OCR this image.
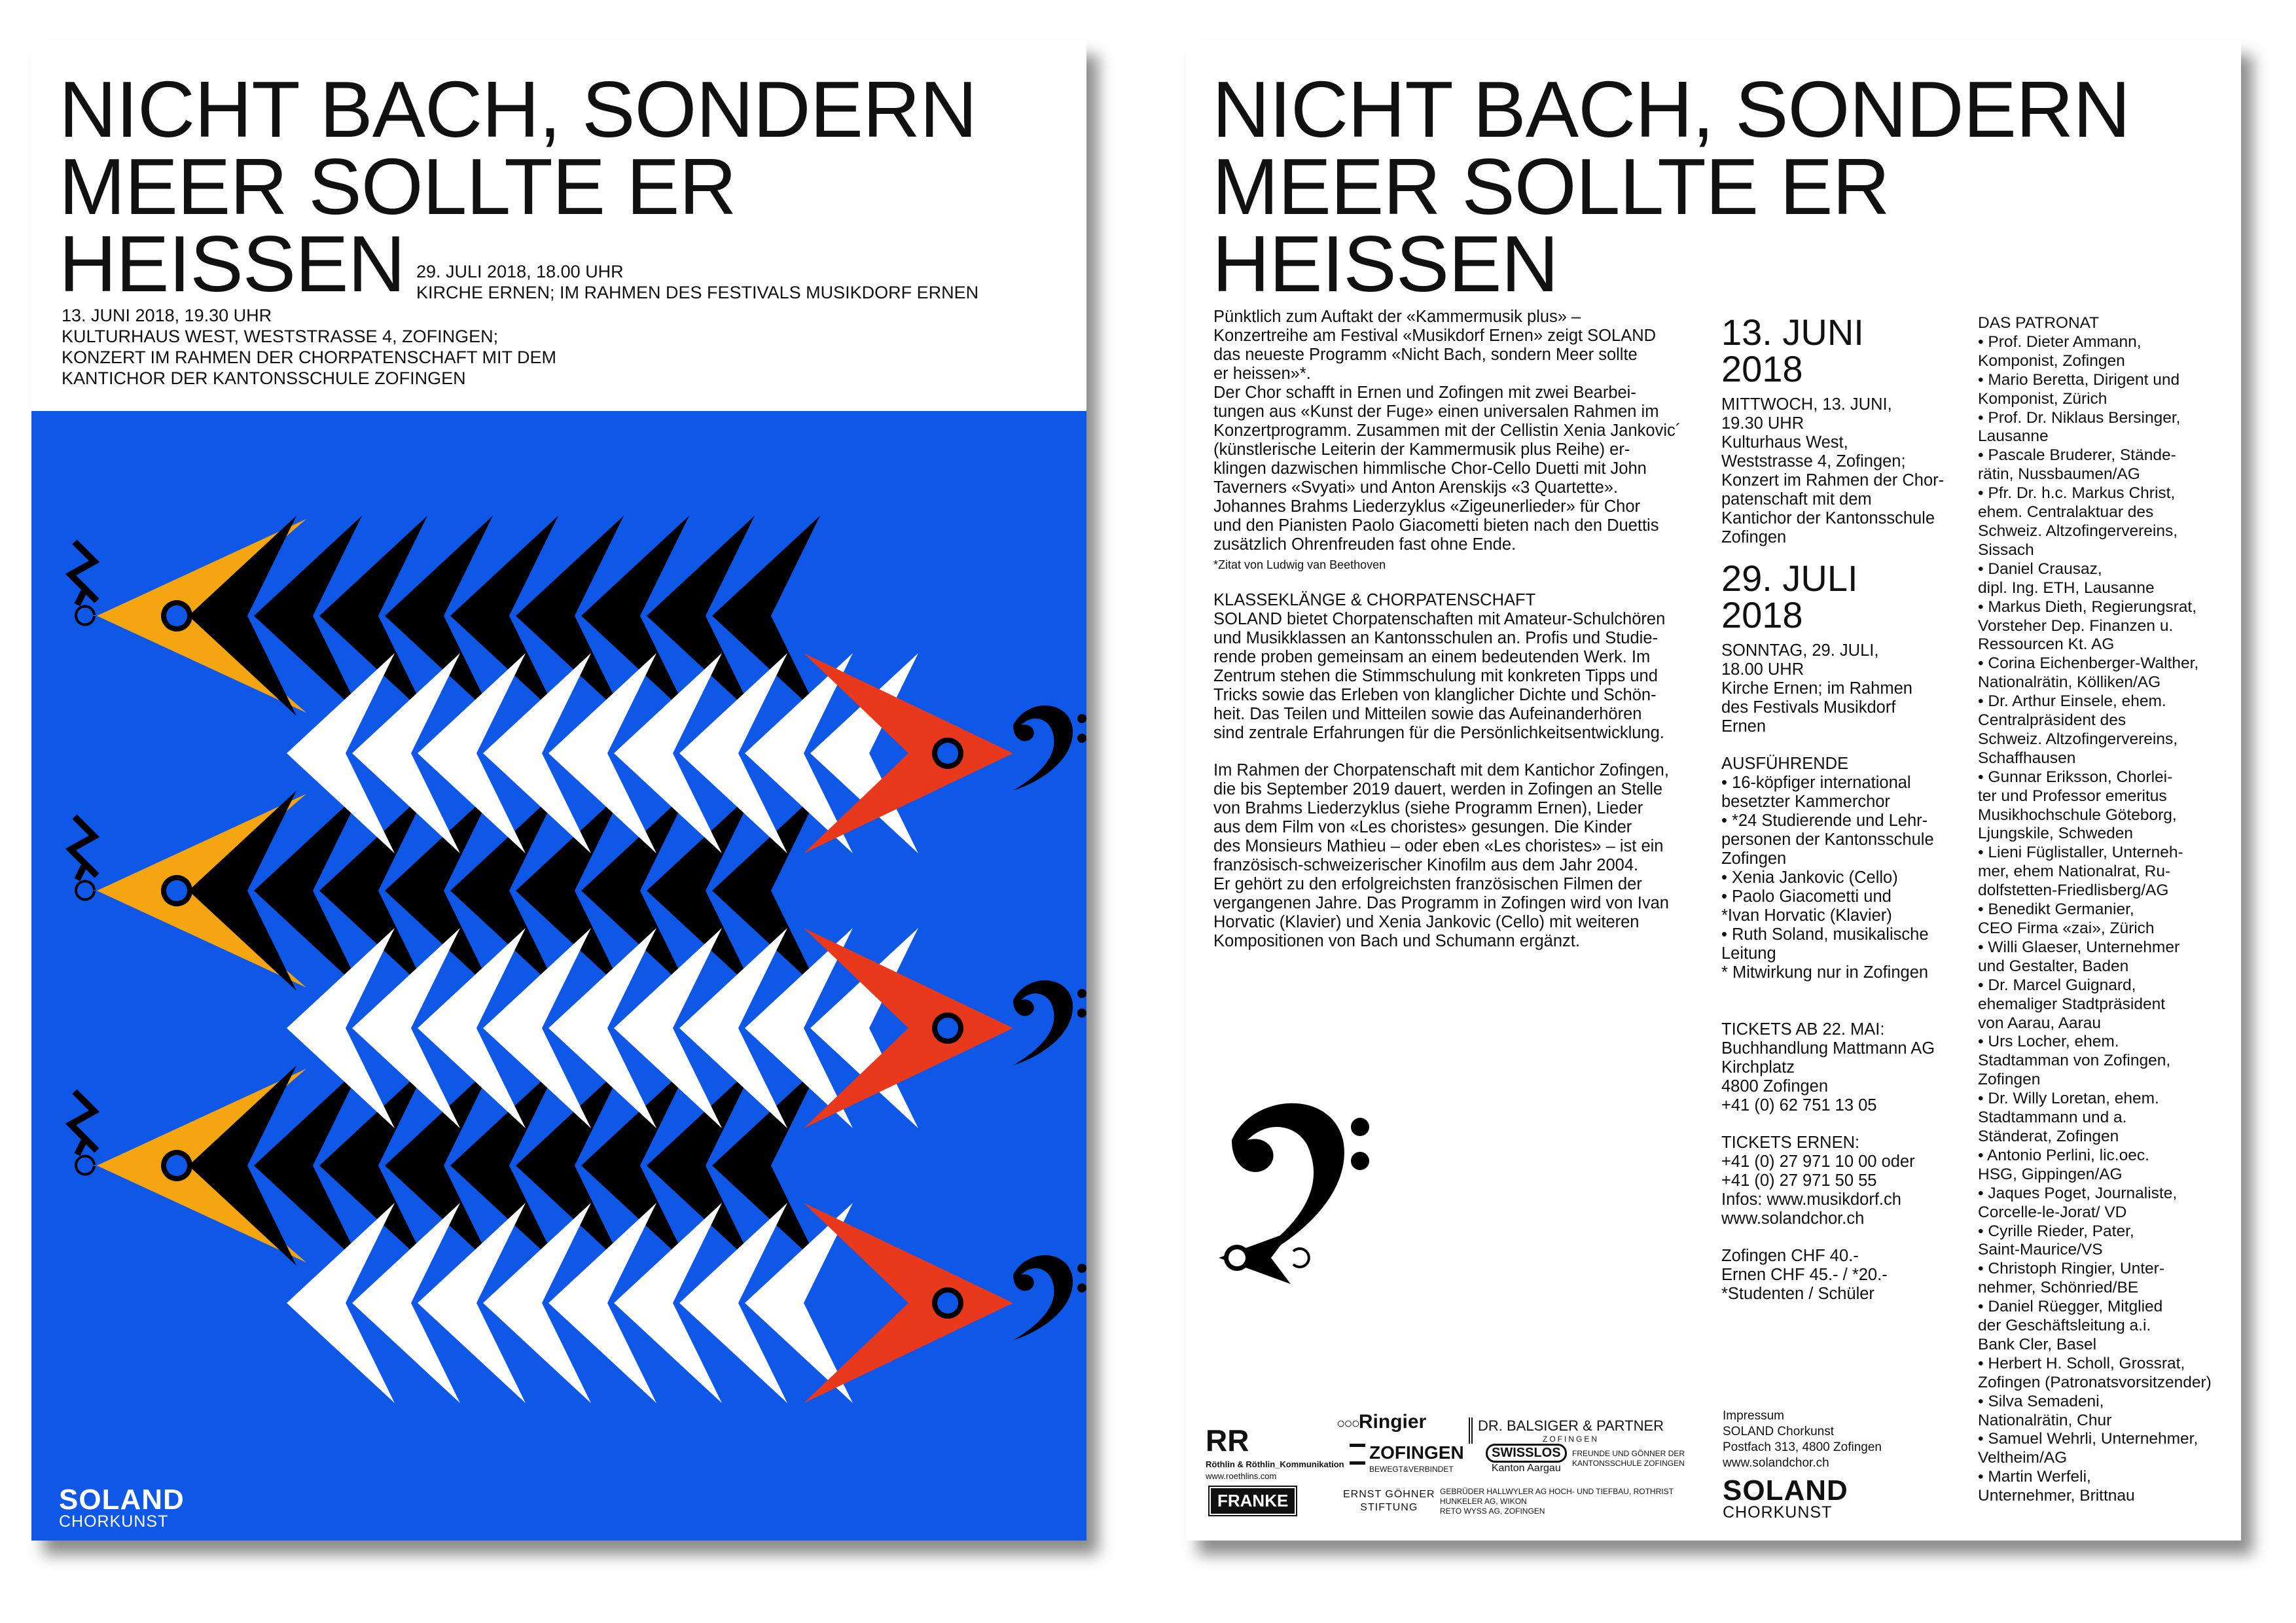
NICHT BACH, SONDERN
MEER SOLLTE ER
HEISSEN 29. JULI 2018, 18.00 UHR
KIRCHE ERNEN; IM RAHMEN DES FESTIVALS MUSIKDORF ERNEN
13. JUNI 2018, 19.30 UHR
KULTURHAUS WEST, WESTSTRASSE 4, ZOFINGEN;
KONZERT IM RAHMEN DER CHORPATENSCHAFT MIT DEM
KANTICHOR DER KANTONSSCHULE ZOFINGEN
SOLAND
CHORKUNST
NICHT BACH, SONDERN
MEER SOLLTE ER
HEISSEN

Pünktlich zum Auftakt der «Kammermusik plus» –

Konzertreihe am Festival «Musikdorf Ernen» zeigt SOLAND

das neueste Programm «Nicht Bach, sondern Meer sollte

er heissen»*.

Der Chor schafft in Ernen und Zofingen mit zwei Bearbei-

tungen aus «Kunst der Fuge» einen universalen Rahmen im

Konzertprogramm. Zusammen mit der Cellistin Xenia Jankovic´

(künstlerische Leiterin der Kammermusik plus Reihe) er-

klingen dazwischen himmlische Chor-Cello Duetti mit John

Taverners «Svyati» und Anton Arenskijs «3 Quartette».

Johannes Brahms Liederzyklus «Zigeunerlieder» für Chor

und den Pianisten Paolo Giacometti bieten nach den Duettis

zusätzlich Ohrenfreuden fast ohne Ende.

*Zitat von Ludwig van Beethoven

KLASSEKLÄNGE & CHORPATENSCHAFT

SOLAND bietet Chorpatenschaften mit Amateur-Schulchören

und Musikklassen an Kantonsschulen an. Profis und Studie-

rende proben gemeinsam an einem bedeutenden Werk. Im

Zentrum stehen die Stimmschulung mit konkreten Tipps und

Tricks sowie das Erleben von klanglicher Dichte und Schön-

heit. Das Teilen und Mitteilen sowie das Aufeinanderhören

sind zentrale Erfahrungen für die Persönlichkeitsentwicklung.

Im Rahmen der Chorpatenschaft mit dem Kantichor Zofingen,

die bis September 2019 dauert, werden in Zofingen an Stelle

von Brahms Liederzyklus (siehe Programm Ernen), Lieder

aus dem Film von «Les choristes» gesungen. Die Kinder

des Monsieurs Mathieu – oder eben «Les choristes» – ist ein

französisch-schweizerischer Kinofilm aus dem Jahr 2004.

Er gehört zu den erfolgreichsten französischen Filmen der

vergangenen Jahre. Das Programm in Zofingen wird von Ivan

Horvatic (Klavier) und Xenia Jankovic (Cello) mit weiteren

Kompositionen von Bach und Schumann ergänzt.

13. JUNI
2018

MITTWOCH, 13. JUNI,

19.30 UHR

Kulturhaus West,

Weststrasse 4, Zofingen;

Konzert im Rahmen der Chor-

patenschaft mit dem

Kantichor der Kantonsschule

Zofingen

29. JULI
2018

SONNTAG, 29. JULI,

18.00 UHR

Kirche Ernen; im Rahmen

des Festivals Musikdorf

Ernen

AUSFÜHRENDE

• 16-köpfiger international

besetzter Kammerchor

• *24 Studierende und Lehr-

personen der Kantonsschule

Zofingen

• Xenia Jankovic (Cello)

• Paolo Giacometti und

*Ivan Horvatic (Klavier)

• Ruth Soland, musikalische

Leitung

* Mitwirkung nur in Zofingen

TICKETS AB 22. MAI:

Buchhandlung Mattmann AG

Kirchplatz

4800 Zofingen

+41 (0) 62 751 13 05

TICKETS ERNEN:

+41 (0) 27 971 10 00 oder

+41 (0) 27 971 50 55

Infos: www.musikdorf.ch

www.solandchor.ch

Zofingen CHF 40.-

Ernen CHF 45.- / *20.-

*Studenten / Schüler

Impressum

SOLAND Chorkunst

Postfach 313, 4800 Zofingen

www.solandchor.ch

SOLAND
CHORKUNST

DAS PATRONAT

• Prof. Dieter Ammann,

Komponist, Zofingen

• Mario Beretta, Dirigent und

Komponist, Zürich

• Prof. Dr. Niklaus Bersinger,

Lausanne

• Pascale Bruderer, Stände-

rätin, Nussbaumen/AG

• Pfr. Dr. h.c. Markus Christ,

ehem. Centralaktuar des

Schweiz. Altzofingervereins,

Sissach

• Daniel Crausaz,

dipl. Ing. ETH, Lausanne

• Markus Dieth, Regierungsrat,

Vorsteher Dep. Finanzen u.

Ressourcen Kt. AG

• Corina Eichenberger-Walther,

Nationalrätin, Kölliken/AG

• Dr. Arthur Einsele, ehem.

Centralpräsident des

Schweiz. Altzofingervereins,

Schaffhausen

• Gunnar Eriksson, Chorlei-

ter und Professor emeritus

Musikhochschule Göteborg,

Ljungskile, Schweden

• Lieni Füglistaller, Unterneh-

mer, ehem Nationalrat, Ru-

dolfstetten-Friedlisberg/AG

• Benedikt Germanier,

CEO Firma «zai», Zürich

• Willi Glaeser, Unternehmer

und Gestalter, Baden

• Dr. Marcel Guignard,

ehemaliger Stadtpräsident

von Aarau, Aarau

• Urs Locher, ehem.

Stadtamman von Zofingen,

Zofingen

• Dr. Willy Loretan, ehem.

Stadtammann und a.

Ständerat, Zofingen

• Antonio Perlini, lic.oec.

HSG, Gippingen/AG

• Jaques Poget, Journaliste,

Corcelle-le-Jorat/ VD

• Cyrille Rieder, Pater,

Saint-Maurice/VS

• Christoph Ringier, Unter-

nehmer, Schönried/BE

• Daniel Rüegger, Mitglied

der Geschäftsleitung a.i.

Bank Cler, Basel

• Herbert H. Scholl, Grossrat,

Zofingen (Patronatsvorsitzender)

• Silva Semadeni,

Nationalrätin, Chur

• Samuel Wehrli, Unternehmer,

Veltheim/AG

• Martin Werfeli,

Unternehmer, Brittnau

RR
Röthlin & Röthlin_Kommunikation
www.roethlins.com
○○○Ringier	DR. BALSIGER & PARTNER
ZOFINGEN
ZOFINGEN
BEWEGT&VERBINDET
SWISSLOS
Kanton Aargau
FREUNDE UND GÖNNER DER
KANTONSSCHULE ZOFINGEN
FRANKE	ERNST GÖHNER
STIFTUNG
GEBRÜDER HALLWYLER AG HOCH- UND TIEFBAU, ROTHRIST
HUNKELER AG, WIKON
RETO WYSS AG, ZOFINGEN
